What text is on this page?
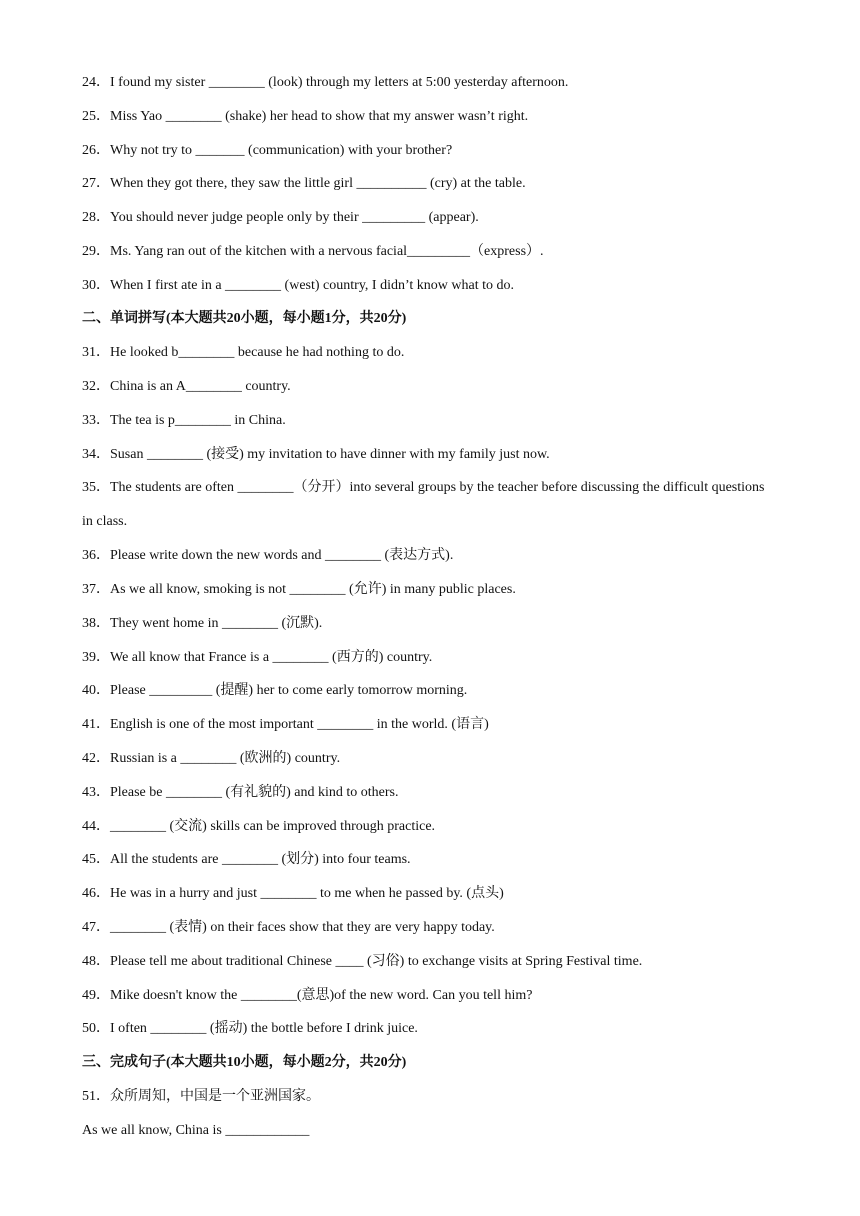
24．I found my sister ________ (look) through my letters at 5:00 yesterday afternoon.
25．Miss Yao ________ (shake) her head to show that my answer wasn’t right.
26．Why not try to _______ (communication) with your brother?
27．When they got there, they saw the little girl __________ (cry) at the table.
28．You should never judge people only by their _________ (appear).
29．Ms. Yang ran out of the kitchen with a nervous facial_________（express）.
30．When I first ate in a ________ (west) country, I didn’t know what to do.
二、单词拼写(本大题共20小题，每小题1分，共20分)
31．He looked b________ because he had nothing to do.
32．China is an A________ country.
33．The tea is p________ in China.
34．Susan ________ (接受) my invitation to have dinner with my family just now.
35．The students are often ________（分开）into several groups by the teacher before discussing the difficult questions in class.
36．Please write down the new words and ________ (表达方式).
37．As we all know, smoking is not ________ (允许) in many public places.
38．They went home in ________ (沉默).
39．We all know that France is a ________ (西方的) country.
40．Please _________ (提醒) her to come early tomorrow morning.
41．English is one of the most important ________ in the world. (语言)
42．Russian is a ________ (欧洲的) country.
43．Please be ________ (有礼貌的) and kind to others.
44．________ (交流) skills can be improved through practice.
45．All the students are ________ (划分) into four teams.
46．He was in a hurry and just ________ to me when he passed by. (点头)
47．________ (表情) on their faces show that they are very happy today.
48．Please tell me about traditional Chinese ____ (习俗) to exchange visits at Spring Festival time.
49．Mike doesn't know the ________(意思)of the new word. Can you tell him?
50．I often ________ (摇动) the bottle before I drink juice.
三、完成句子(本大题共10小题，每小题2分，共20分)
51．众所周知，中国是一个亚洲国家。
As we all know, China is ____________
